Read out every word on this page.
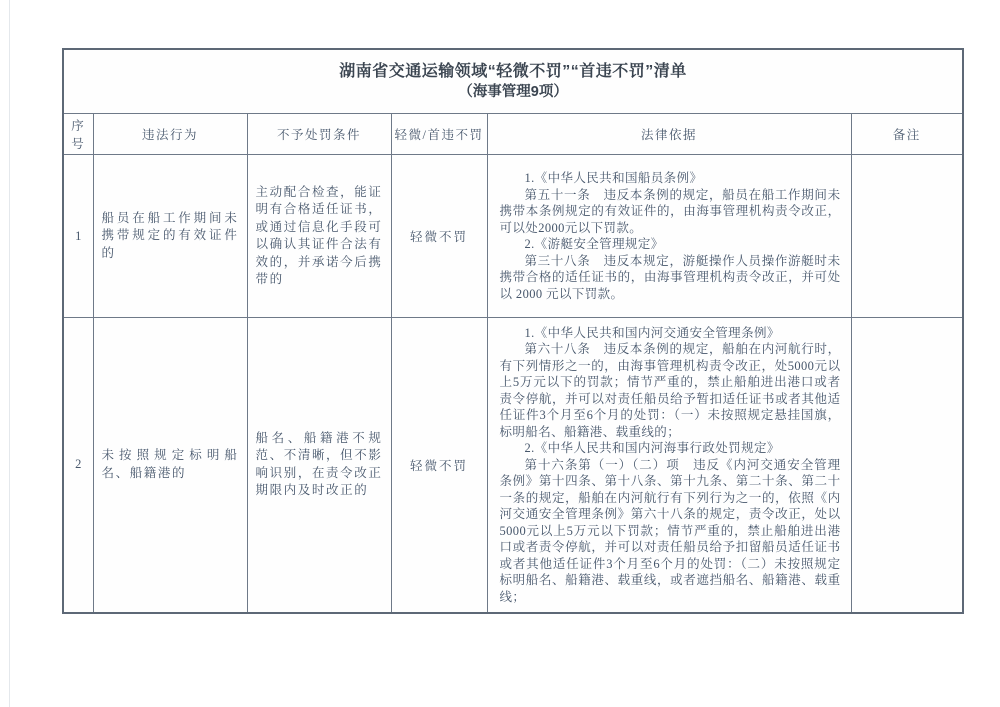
湖南省交通运输领域“轻微不罚”“首违不罚”清单
（海事管理9项）					

序号	违法行为	不予处罚条件	轻微/首违不罚	法律依据	备注
1	船员在船工作期间未携带规定的有效证件的	主动配合检查，能证明有合格适任证书，或通过信息化手段可以确认其证件合法有效的，并承诺今后携带的	轻微不罚	1.《中华人民共和国船员条例》

第五十一条　违反本条例的规定，船员在船工作期间未携带本条例规定的有效证件的，由海事管理机构责令改正，可以处2000元以下罚款。

2.《游艇安全管理规定》

第三十八条　违反本规定，游艇操作人员操作游艇时未携带合格的适任证书的，由海事管理机构责令改正，并可处以 2000 元以下罚款。	

2	未按照规定标明船名、船籍港的	船名、船籍港不规范、不清晰，但不影响识别，在责令改正期限内及时改正的	轻微不罚	1.《中华人民共和国内河交通安全管理条例》

第六十八条　违反本条例的规定，船舶在内河航行时，有下列情形之一的，由海事管理机构责令改正，处5000元以上5万元以下的罚款；情节严重的，禁止船舶进出港口或者责令停航，并可以对责任船员给予暂扣适任证书或者其他适任证件3个月至6个月的处罚：（一）未按照规定悬挂国旗，标明船名、船籍港、载重线的；

2.《中华人民共和国内河海事行政处罚规定》

第十六条第（一）（二）项　违反《内河交通安全管理条例》第十四条、第十八条、第十九条、第二十条、第二十一条的规定，船舶在内河航行有下列行为之一的，依照《内河交通安全管理条例》第六十八条的规定，责令改正，处以5000元以上5万元以下罚款；情节严重的，禁止船舶进出港口或者责令停航，并可以对责任船员给予扣留船员适任证书或者其他适任证件3个月至6个月的处罚：（二）未按照规定标明船名、船籍港、载重线，或者遮挡船名、船籍港、载重线；	
